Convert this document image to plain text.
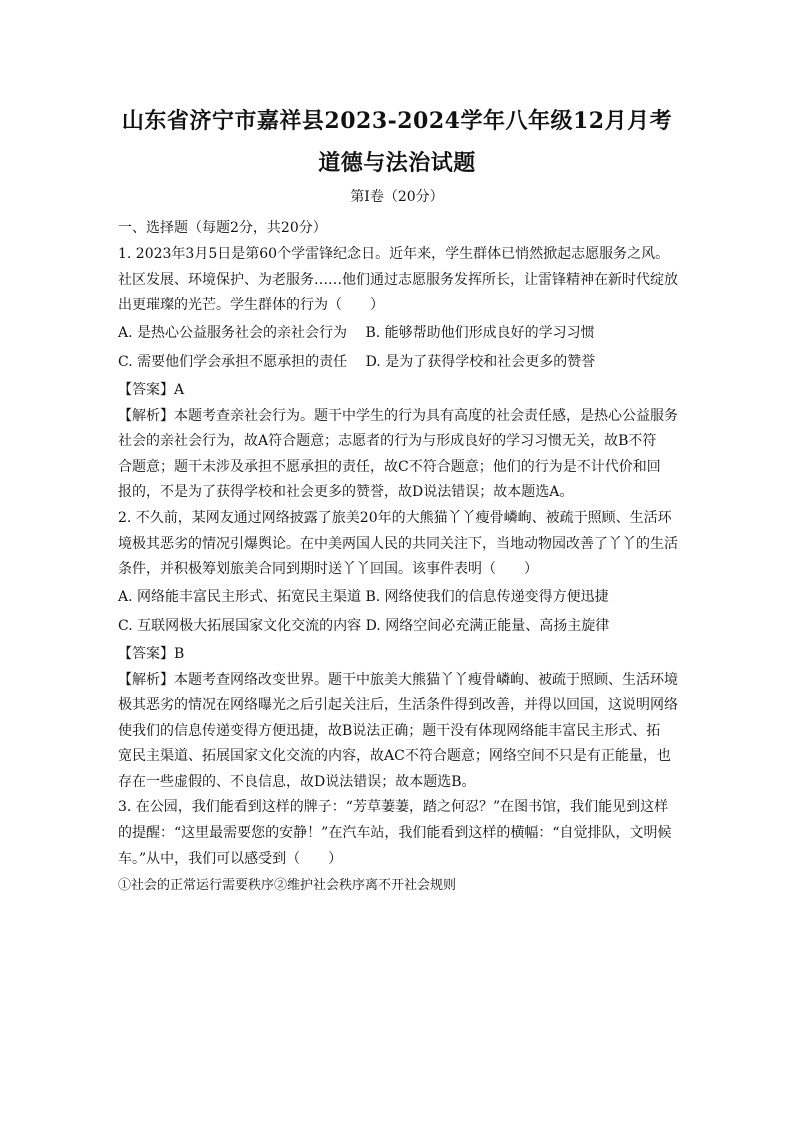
山东省济宁市嘉祥县2023-2024学年八年级12月月考
道德与法治试题
第Ⅰ卷（20分）
一、选择题（每题2分，共20分）
1. 2023年3月5日是第60个学雷锋纪念日。近年来，学生群体已悄然掀起志愿服务之风。
社区发展、环境保护、为老服务……他们通过志愿服务发挥所长，让雷锋精神在新时代绽放
出更璀璨的光芒。学生群体的行为（　　）
A. 是热心公益服务社会的亲社会行为　 B. 能够帮助他们形成良好的学习习惯
C. 需要他们学会承担不愿承担的责任　 D. 是为了获得学校和社会更多的赞誉
【答案】A
【解析】本题考查亲社会行为。题干中学生的行为具有高度的社会责任感，是热心公益服务
社会的亲社会行为，故A符合题意；志愿者的行为与形成良好的学习习惯无关，故B不符
合题意；题干未涉及承担不愿承担的责任，故C不符合题意；他们的行为是不计代价和回
报的，不是为了获得学校和社会更多的赞誉，故D说法错误；故本题选A。
2. 不久前，某网友通过网络披露了旅美20年的大熊猫丫丫瘦骨嶙峋、被疏于照顾、生活环
境极其恶劣的情况引爆舆论。在中美两国人民的共同关注下，当地动物园改善了丫丫的生活
条件，并积极筹划旅美合同到期时送丫丫回国。该事件表明（　　）
A. 网络能丰富民主形式、拓宽民主渠道 B. 网络使我们的信息传递变得方便迅捷
C. 互联网极大拓展国家文化交流的内容 D. 网络空间必充满正能量、高扬主旋律
【答案】B
【解析】本题考查网络改变世界。题干中旅美大熊猫丫丫瘦骨嶙峋、被疏于照顾、生活环境
极其恶劣的情况在网络曝光之后引起关注后，生活条件得到改善，并得以回国，这说明网络
使我们的信息传递变得方便迅捷，故B说法正确；题干没有体现网络能丰富民主形式、拓
宽民主渠道、拓展国家文化交流的内容，故AC不符合题意；网络空间不只是有正能量，也
存在一些虚假的、不良信息，故D说法错误；故本题选B。
3. 在公园，我们能看到这样的牌子：“芳草萋萋，踏之何忍？”在图书馆，我们能见到这样
的提醒：“这里最需要您的安静！”在汽车站，我们能看到这样的横幅：“自觉排队，文明候
车。”从中，我们可以感受到（　　）
①社会的正常运行需要秩序②维护社会秩序离不开社会规则
